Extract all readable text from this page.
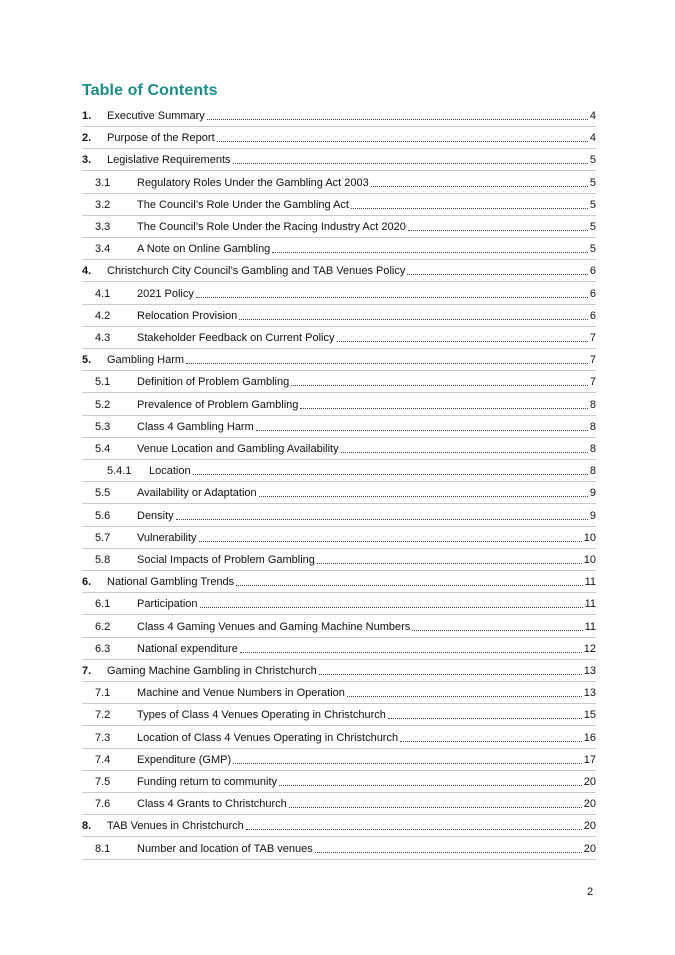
Table of Contents
1.	Executive Summary	4
2.	Purpose of the Report	4
3.	Legislative Requirements	5
3.1	Regulatory Roles Under the Gambling Act 2003	5
3.2	The Council’s Role Under the Gambling Act	5
3.3	The Council’s Role Under the Racing Industry Act 2020	5
3.4	A Note on Online Gambling	5
4.	Christchurch City Council’s Gambling and TAB Venues Policy	6
4.1	2021 Policy	6
4.2	Relocation Provision	6
4.3	Stakeholder Feedback on Current Policy	7
5.	Gambling Harm	7
5.1	Definition of Problem Gambling	7
5.2	Prevalence of Problem Gambling	8
5.3	Class 4 Gambling Harm	8
5.4	Venue Location and Gambling Availability	8
5.4.1	Location	8
5.5	Availability or Adaptation	9
5.6	Density	9
5.7	Vulnerability	10
5.8	Social Impacts of Problem Gambling	10
6.	National Gambling Trends	11
6.1	Participation	11
6.2	Class 4 Gaming Venues and Gaming Machine Numbers	11
6.3	National expenditure	12
7.	Gaming Machine Gambling in Christchurch	13
7.1	Machine and Venue Numbers in Operation	13
7.2	Types of Class 4 Venues Operating in Christchurch	15
7.3	Location of Class 4 Venues Operating in Christchurch	16
7.4	Expenditure (GMP)	17
7.5	Funding return to community	20
7.6	Class 4 Grants to Christchurch	20
8.	TAB Venues in Christchurch	20
8.1	Number and location of TAB venues	20
2
